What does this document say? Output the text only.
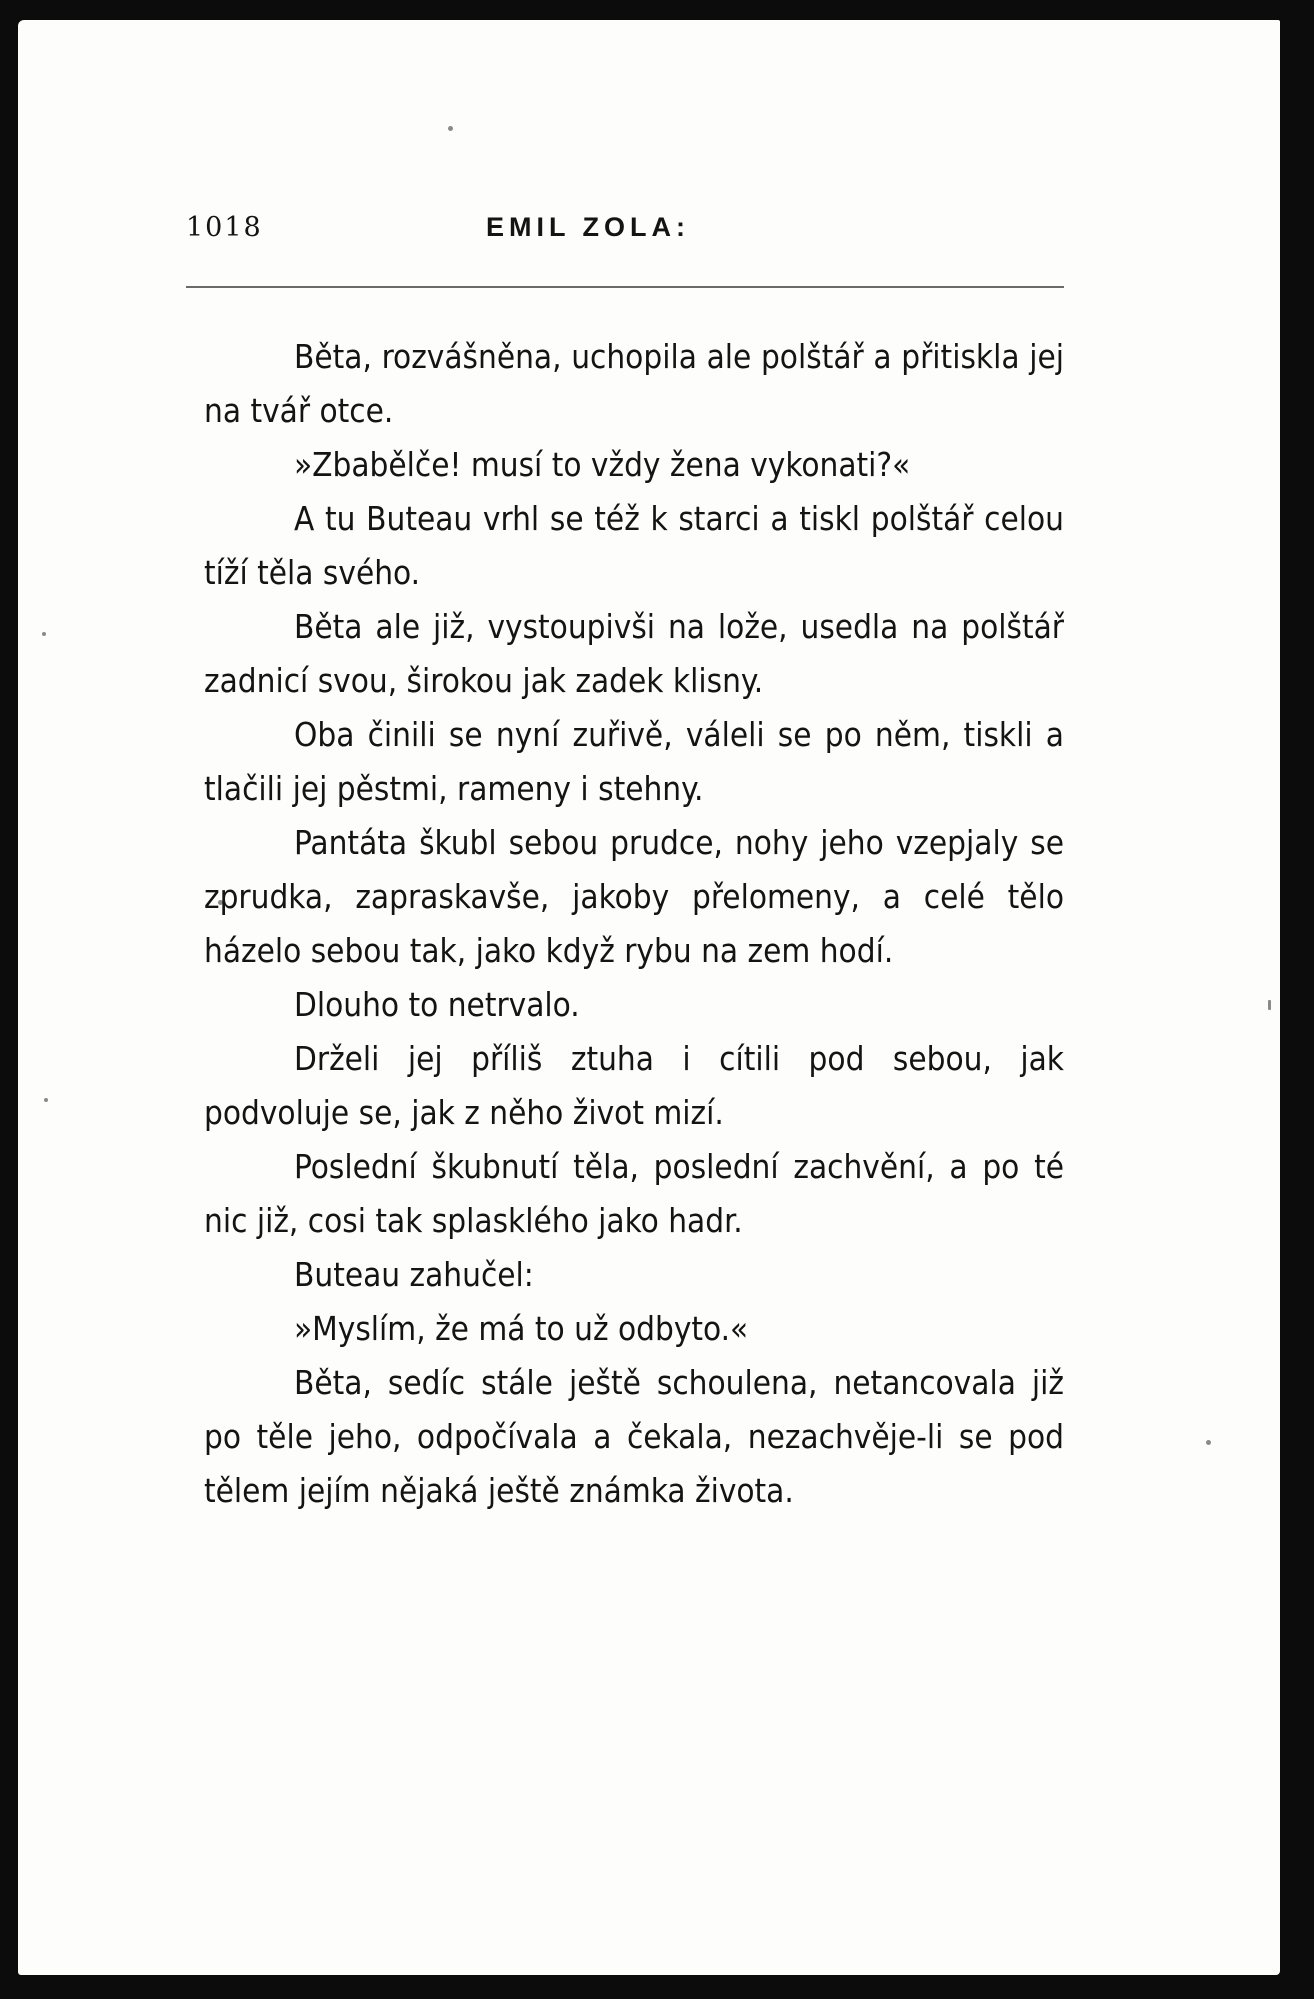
1018	EMIL ZOLA:

Běta, rozvášněna, uchopila ale polštář a přitiskla jej na tvář otce.

»Zbabělče! musí to vždy žena vykonati?«

A tu Buteau vrhl se též k starci a tiskl polštář celou tíží těla svého.

Běta ale již, vystoupivši na lože, usedla na polštář zadnicí svou, širokou jak zadek klisny.

Oba činili se nyní zuřivě, váleli se po něm, tiskli a tlačili jej pěstmi, rameny i stehny.

Pantáta škubl sebou prudce, nohy jeho vzepjaly se zprudka, zapraskavše, jakoby přelomeny, a celé tělo házelo sebou tak, jako když rybu na zem hodí.

Dlouho to netrvalo.

Drželi jej příliš ztuha i cítili pod sebou, jak podvoluje se, jak z něho život mizí.

Poslední škubnutí těla, poslední zachvění, a po té nic již, cosi tak splasklého jako hadr.

Buteau zahučel:

»Myslím, že má to už odbyto.«

Běta, sedíc stále ještě schoulena, netancovala již po těle jeho, odpočívala a čekala, nezachvěje-li se pod tělem jejím nějaká ještě známka života.
